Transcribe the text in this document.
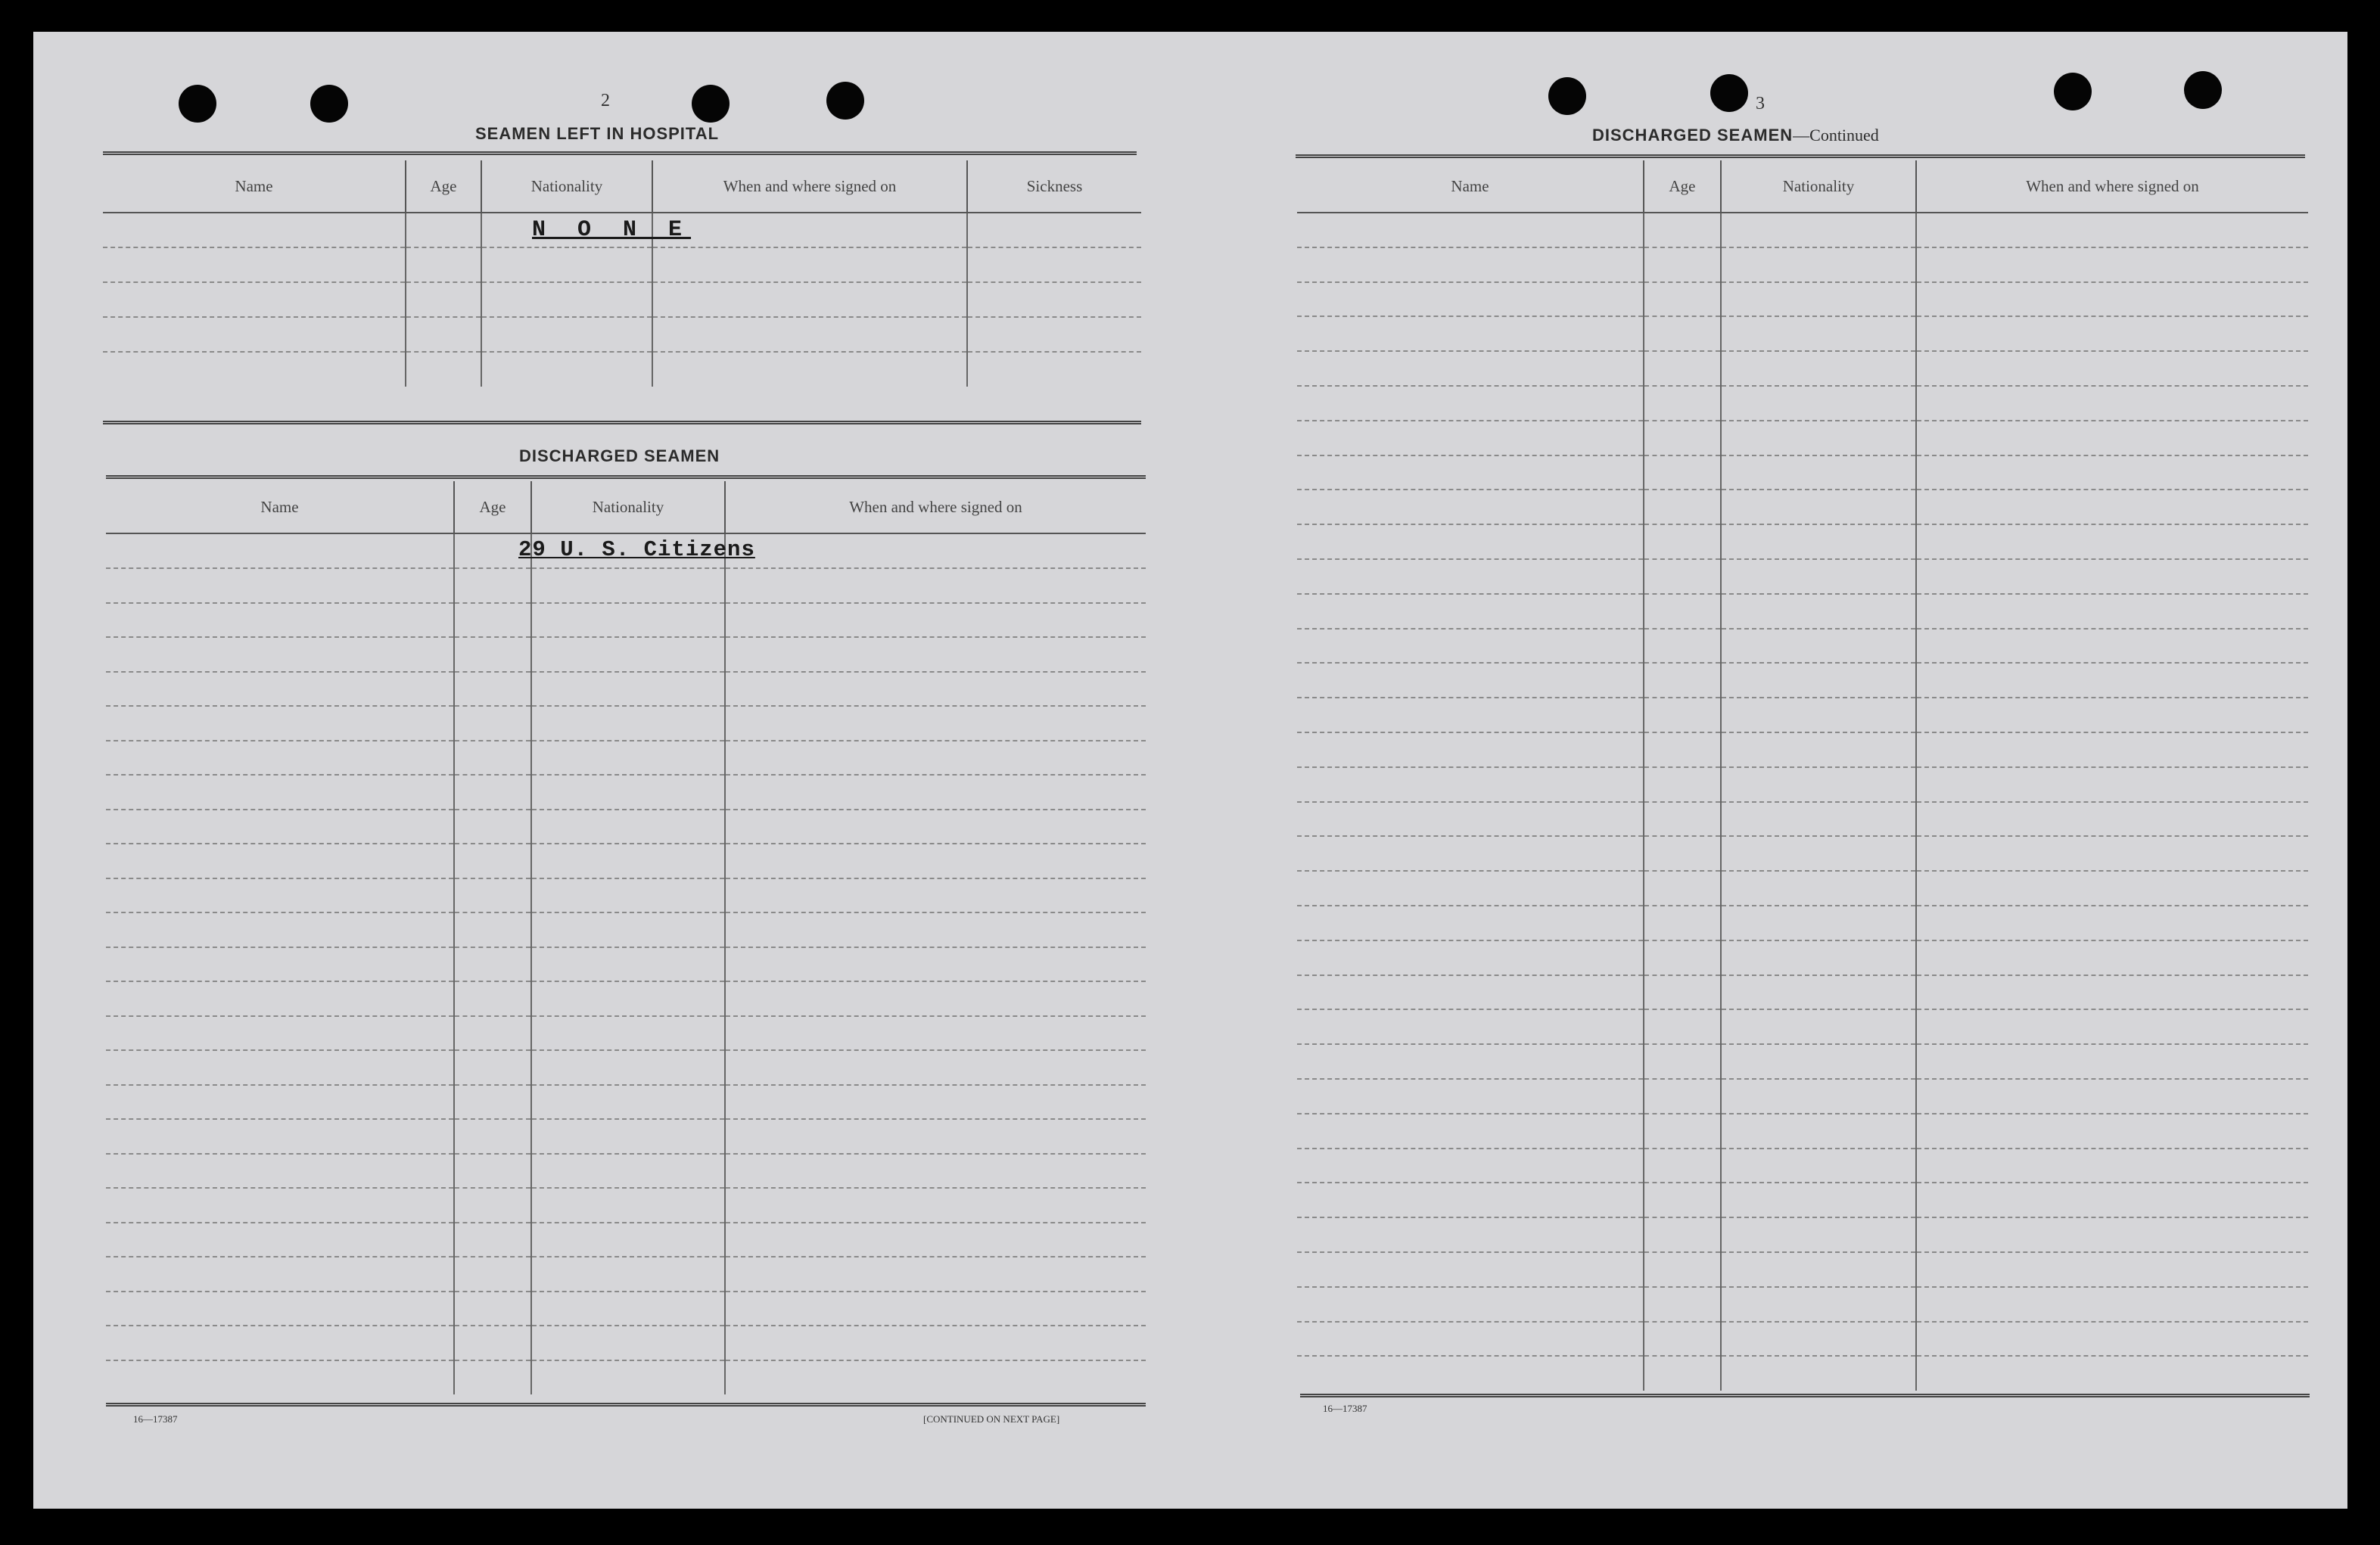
2
SEAMEN LEFT IN HOSPITAL
Name	Age	Nationality	When and where signed on	Sickness
		N O N E		

DISCHARGED SEAMEN
Name	Age	Nationality	When and where signed on

	29 U. S. Citizens		

16—17387	[CONTINUED ON NEXT PAGE]
3
DISCHARGED SEAMEN—Continued
Name	Age	Nationality	When and where signed on

16—17387
